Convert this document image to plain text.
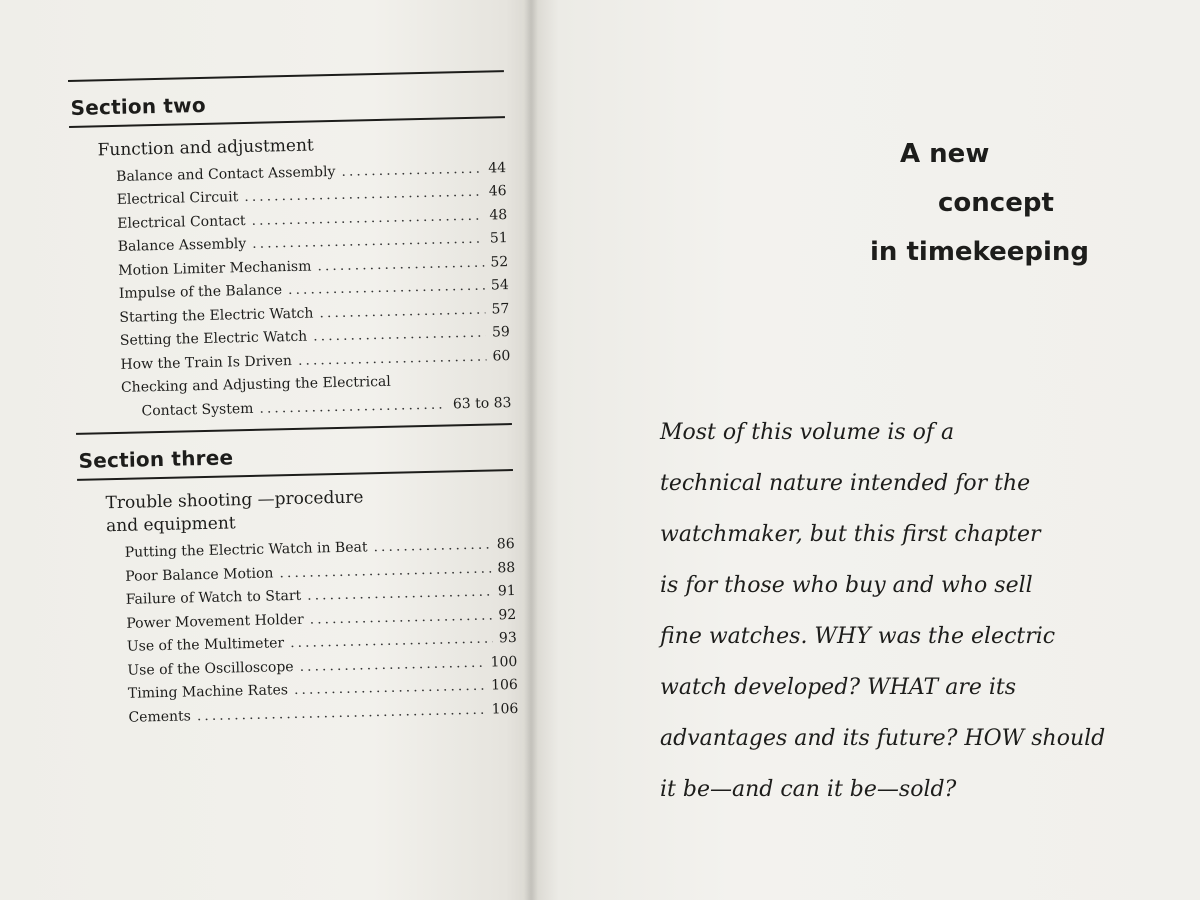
Section two
Function and adjustment
Balance and Contact Assembly .....	44
Electrical Circuit .....	46
Electrical Contact .....	48
Balance Assembly .....	51
Motion Limiter Mechanism .....	52
Impulse of the Balance .....	54
Starting the Electric Watch .....	57
Setting the Electric Watch .....	59
How the Train Is Driven .....	60
Checking and Adjusting the Electrical
Contact System .....	63 to 83
Section three
Trouble shooting —procedure
and equipment
Putting the Electric Watch in Beat .....	86
Poor Balance Motion .....	88
Failure of Watch to Start .....	91
Power Movement Holder .....	92
Use of the Multimeter .....	93
Use of the Oscilloscope .....	100
Timing Machine Rates .....	106
Cements .....	106
A new
concept
in timekeeping
Most of this volume is of a
technical nature intended for the
watchmaker, but this first chapter
is for those who buy and who sell
fine watches. WHY was the electric
watch developed? WHAT are its
advantages and its future? HOW should
it be—and can it be—sold?
